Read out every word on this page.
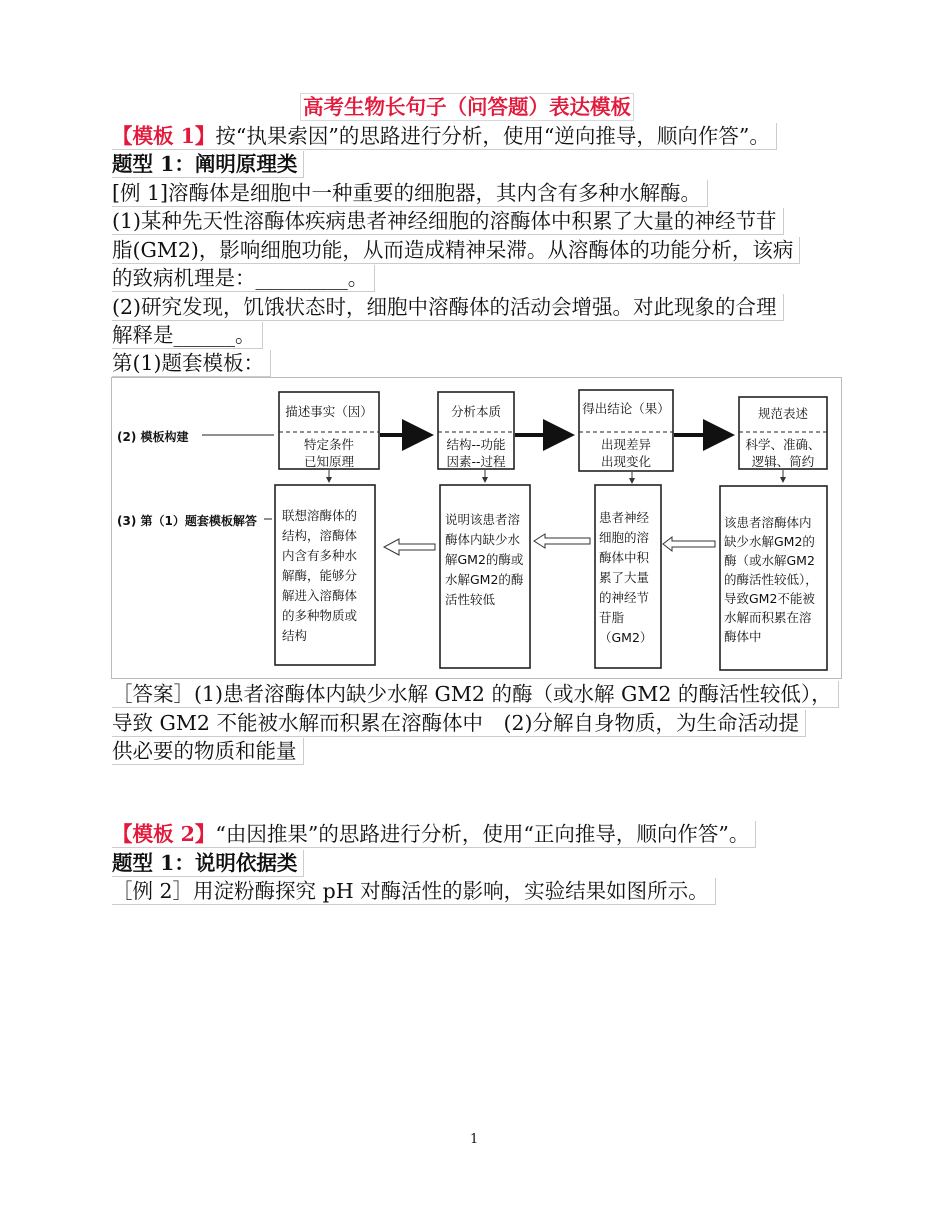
高考生物长句子（问答题）表达模板
【模板 1】按“执果索因”的思路进行分析，使用“逆向推导，顺向作答”。
题型 1：阐明原理类
[例 1]溶酶体是细胞中一种重要的细胞器，其内含有多种水解酶。
(1)某种先天性溶酶体疾病患者神经细胞的溶酶体中积累了大量的神经节苷
脂(GM2)，影响细胞功能，从而造成精神呆滞。从溶酶体的功能分析，该病
的致病机理是：_________。
(2)研究发现，饥饿状态时，细胞中溶酶体的活动会增强。对此现象的合理
解释是______。
第(1)题套模板：
(2) 模板构建
(3) 第（1）题套模板解答
描述事实（因）
特定条件
已知原理
分析本质
结构--功能
因素--过程
得出结论（果）
出现差异
出现变化
规范表述
科学、准确、
逻辑、简约
联想溶酶体的
结构，溶酶体
内含有多种水
解酶，能够分
解进入溶酶体
的多种物质或
结构
说明该患者溶
酶体内缺少水
解GM2的酶或
水解GM2的酶
活性较低
患者神经
细胞的溶
酶体中积
累了大量
的神经节
苷脂
（GM2）
该患者溶酶体内
缺少水解GM2的
酶（或水解GM2
的酶活性较低），
导致GM2不能被
水解而积累在溶
酶体中
［答案］(1)患者溶酶体内缺少水解 GM2 的酶（或水解 GM2 的酶活性较低），
导致 GM2 不能被水解而积累在溶酶体中　(2)分解自身物质，为生命活动提
供必要的物质和能量
【模板 2】“由因推果”的思路进行分析，使用“正向推导，顺向作答”。
题型 1：说明依据类
［例 2］用淀粉酶探究 pH 对酶活性的影响，实验结果如图所示。
1
